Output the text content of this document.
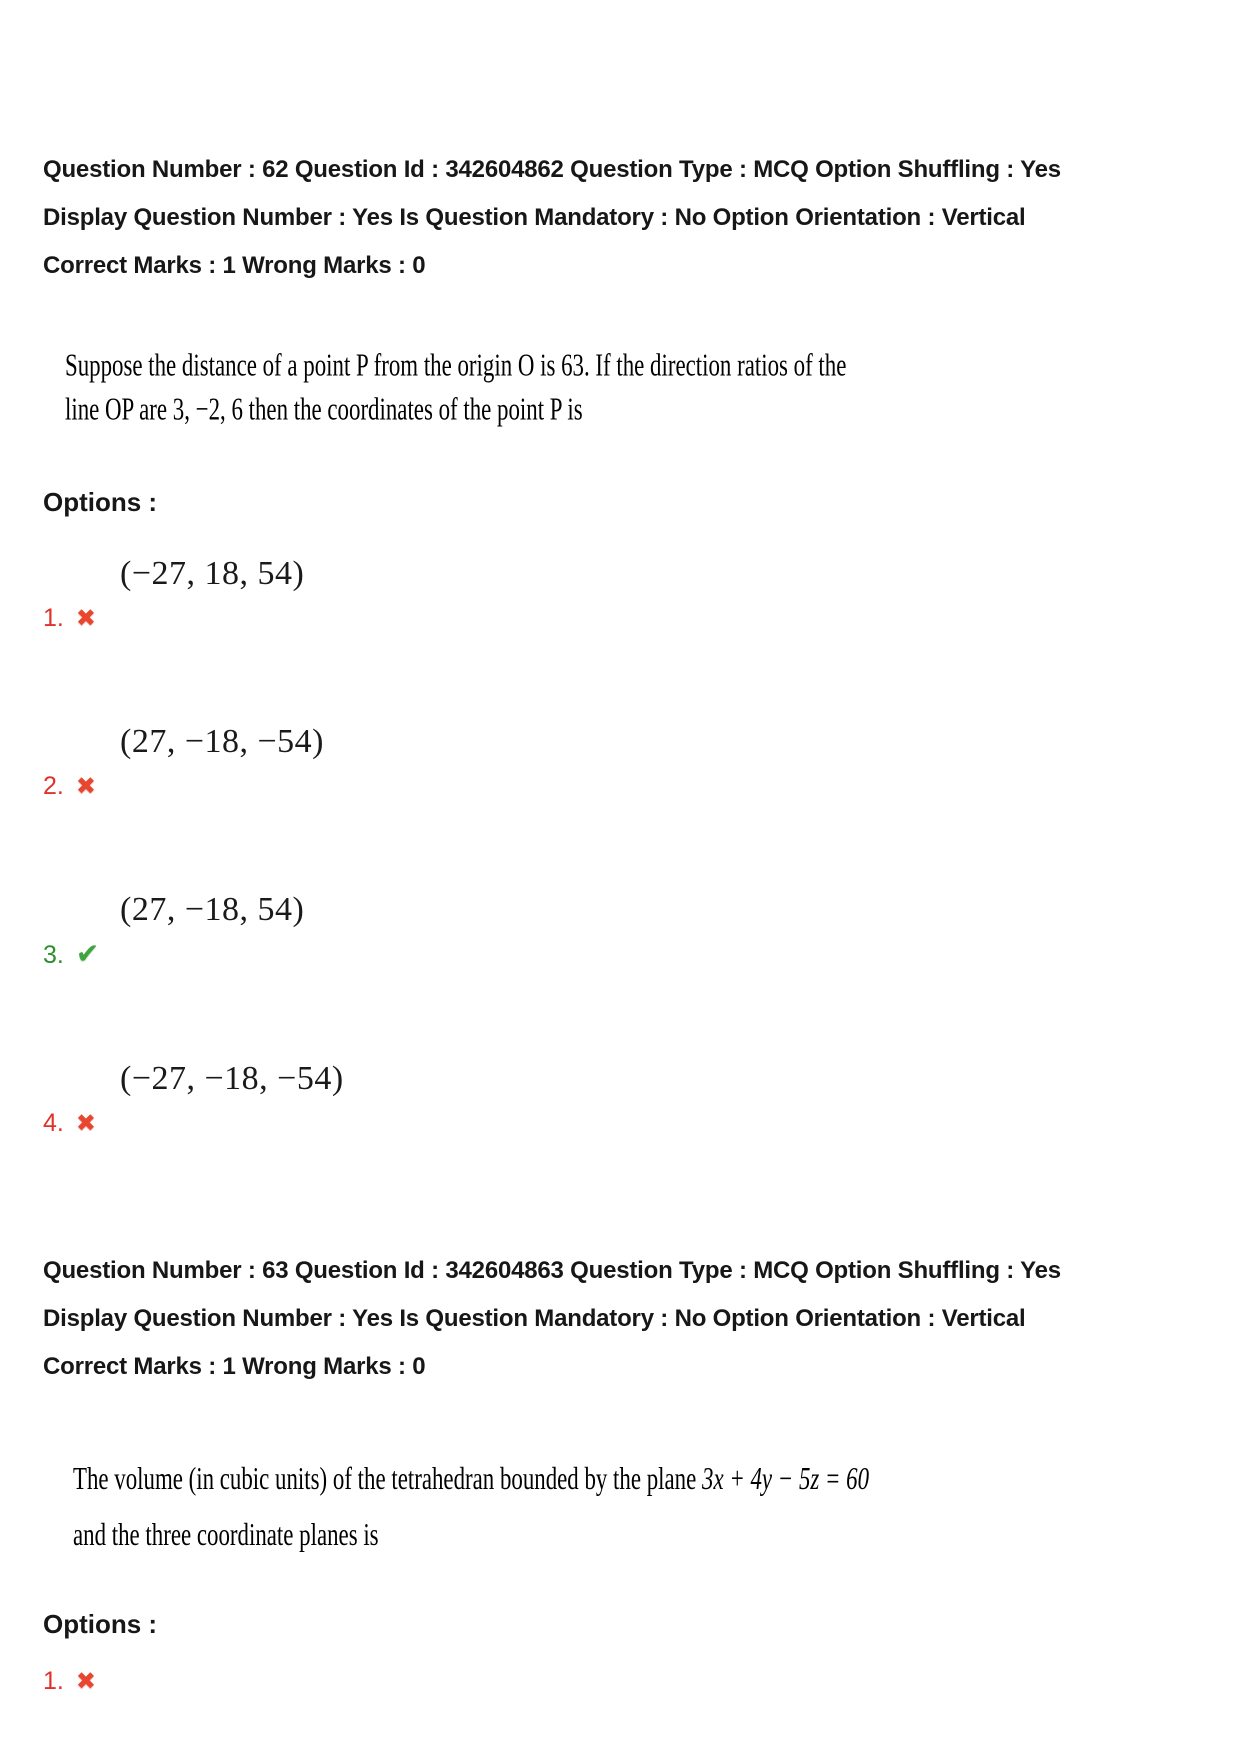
Question Number : 62 Question Id : 342604862 Question Type : MCQ Option Shuffling : Yes
Display Question Number : Yes Is Question Mandatory : No Option Orientation : Vertical
Correct Marks : 1 Wrong Marks : 0
Suppose the distance of a point P from the origin O is 63. If the direction ratios of the
line OP are 3, −2, 6 then the coordinates of the point P is
Options :
(−27, 18, 54)
1. ✖
(27, −18, −54)
2. ✖
(27, −18, 54)
3. ✔
(−27, −18, −54)
4. ✖
Question Number : 63 Question Id : 342604863 Question Type : MCQ Option Shuffling : Yes
Display Question Number : Yes Is Question Mandatory : No Option Orientation : Vertical
Correct Marks : 1 Wrong Marks : 0
The volume (in cubic units) of the tetrahedran bounded by the plane 3x + 4y − 5z = 60
and the three coordinate planes is
Options :
1. ✖
